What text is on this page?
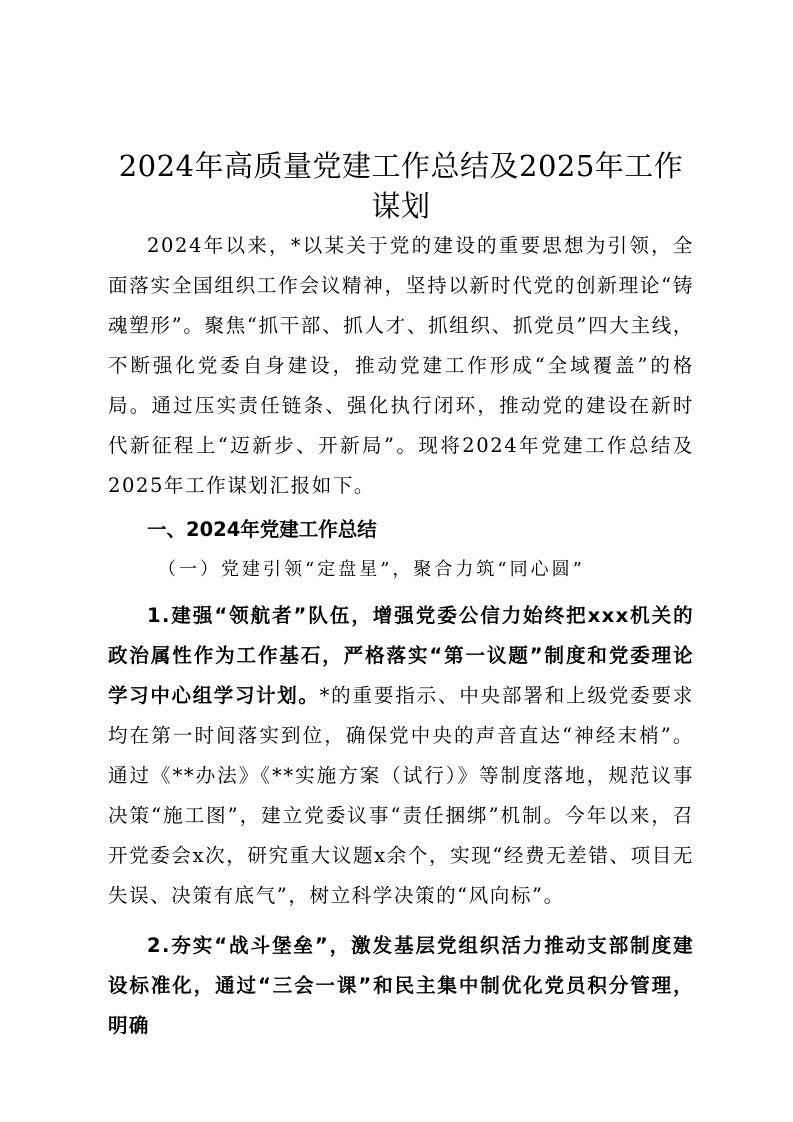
2024年高质量党建工作总结及2025年工作谋划

2024年以来，*以某关于党的建设的重要思想为引领，全面落实全国组织工作会议精神，坚持以新时代党的创新理论“铸魂塑形”。聚焦“抓干部、抓人才、抓组织、抓党员”四大主线，不断强化党委自身建设，推动党建工作形成“全域覆盖”的格局。通过压实责任链条、强化执行闭环，推动党的建设在新时代新征程上“迈新步、开新局”。现将2024年党建工作总结及2025年工作谋划汇报如下。

一、2024年党建工作总结
（一）党建引领“定盘星”，聚合力筑“同心圆”

1.建强“领航者”队伍，增强党委公信力始终把xxx机关的政治属性作为工作基石，严格落实“第一议题”制度和党委理论学习中心组学习计划。*的重要指示、中央部署和上级党委要求均在第一时间落实到位，确保党中央的声音直达“神经末梢”。通过《**办法》《**实施方案（试行）》等制度落地，规范议事决策“施工图”，建立党委议事“责任捆绑”机制。今年以来，召开党委会x次，研究重大议题x余个，实现“经费无差错、项目无失误、决策有底气”，树立科学决策的“风向标”。

2.夯实“战斗堡垒”，激发基层党组织活力推动支部制度建设标准化，通过“三会一课”和民主集中制优化党员积分管理，明确
